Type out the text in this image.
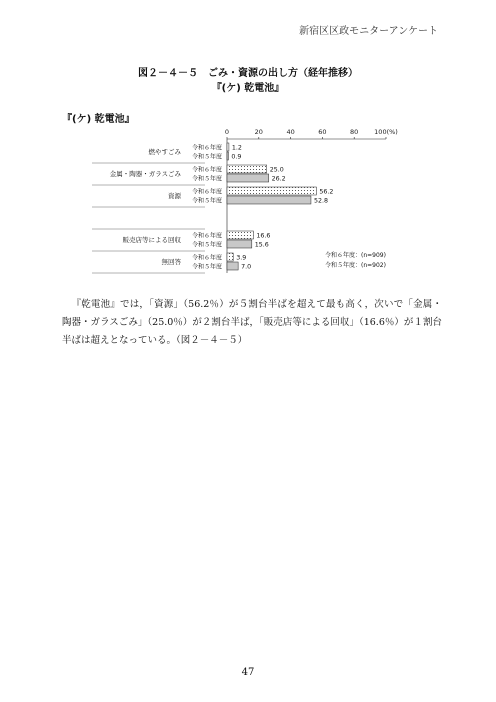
新宿区区政モニターアンケート
図２－４－５　ごみ・資源の出し方（経年推移）
『(ケ) 乾電池』
『(ケ) 乾電池』
0	20	40	60	80 100(%)
燃やすごみ
令和６年度 1.2
令和５年度 0.9
金属・陶器・ガラスごみ
令和６年度	25.0
令和５年度	26.2
資源
令和６年度	56.2
令和５年度	52.8
販売店等による回収
令和６年度	16.6
令和５年度	15.6
無回答
令和６年度 3.9
令和５年度	7.0
令和６年度：(n=909)
令和５年度：(n=902)
『乾電池』では，「資源」（56.2％）が５割台半ばを超えて最も高く，次いで「金属・陶器・ガラスごみ」（25.0％）が２割台半ば，「販売店等による回収」（16.6％）が１割台半ばは超えとなっている。（図２－４－５）
47
